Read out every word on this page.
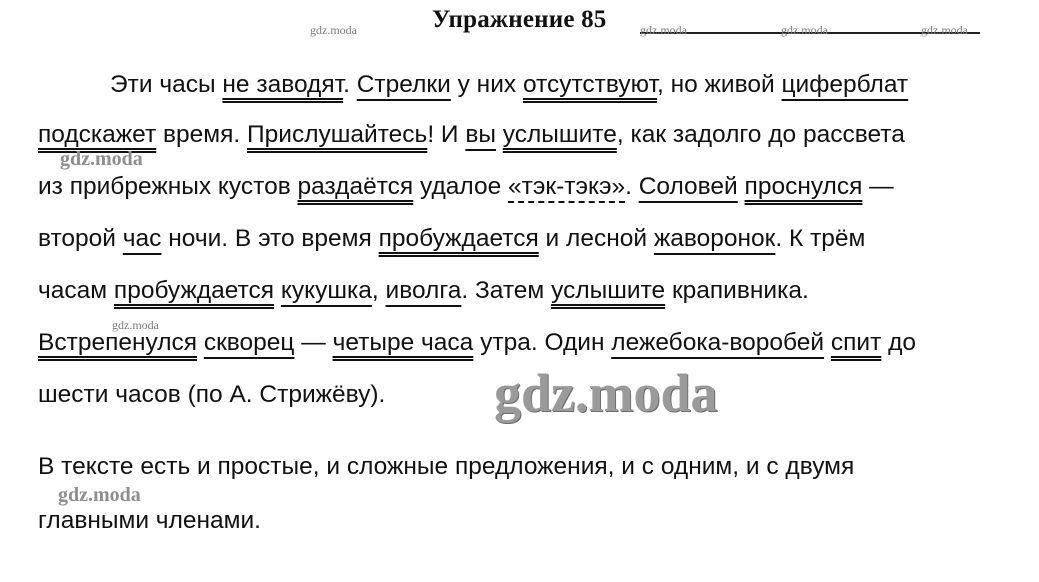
Упражнение 85
gdz.moda	gdz.moda	gdz.moda	gdz.moda
gdz.moda
Эти часы не заводят. Стрелки у них отсутствуют, но живой циферблат
подскажет время. Прислушайтесь! И вы услышите, как задолго до рассвета
gdz.moda
из прибрежных кустов раздаётся удалое «тэк-тэкэ». Соловей проснулся —
второй час ночи. В это время пробуждается и лесной жаворонок. К трём
часам пробуждается кукушка, иволга. Затем услышите крапивника.
Встрепенулся скворец — четыре часа утра. Один лежебока-воробей спит до
шести часов (по А. Стрижёву). gdz.moda
В тексте есть и простые, и сложные предложения, и с одним, и с двумя
gdz.moda
главными членами.
